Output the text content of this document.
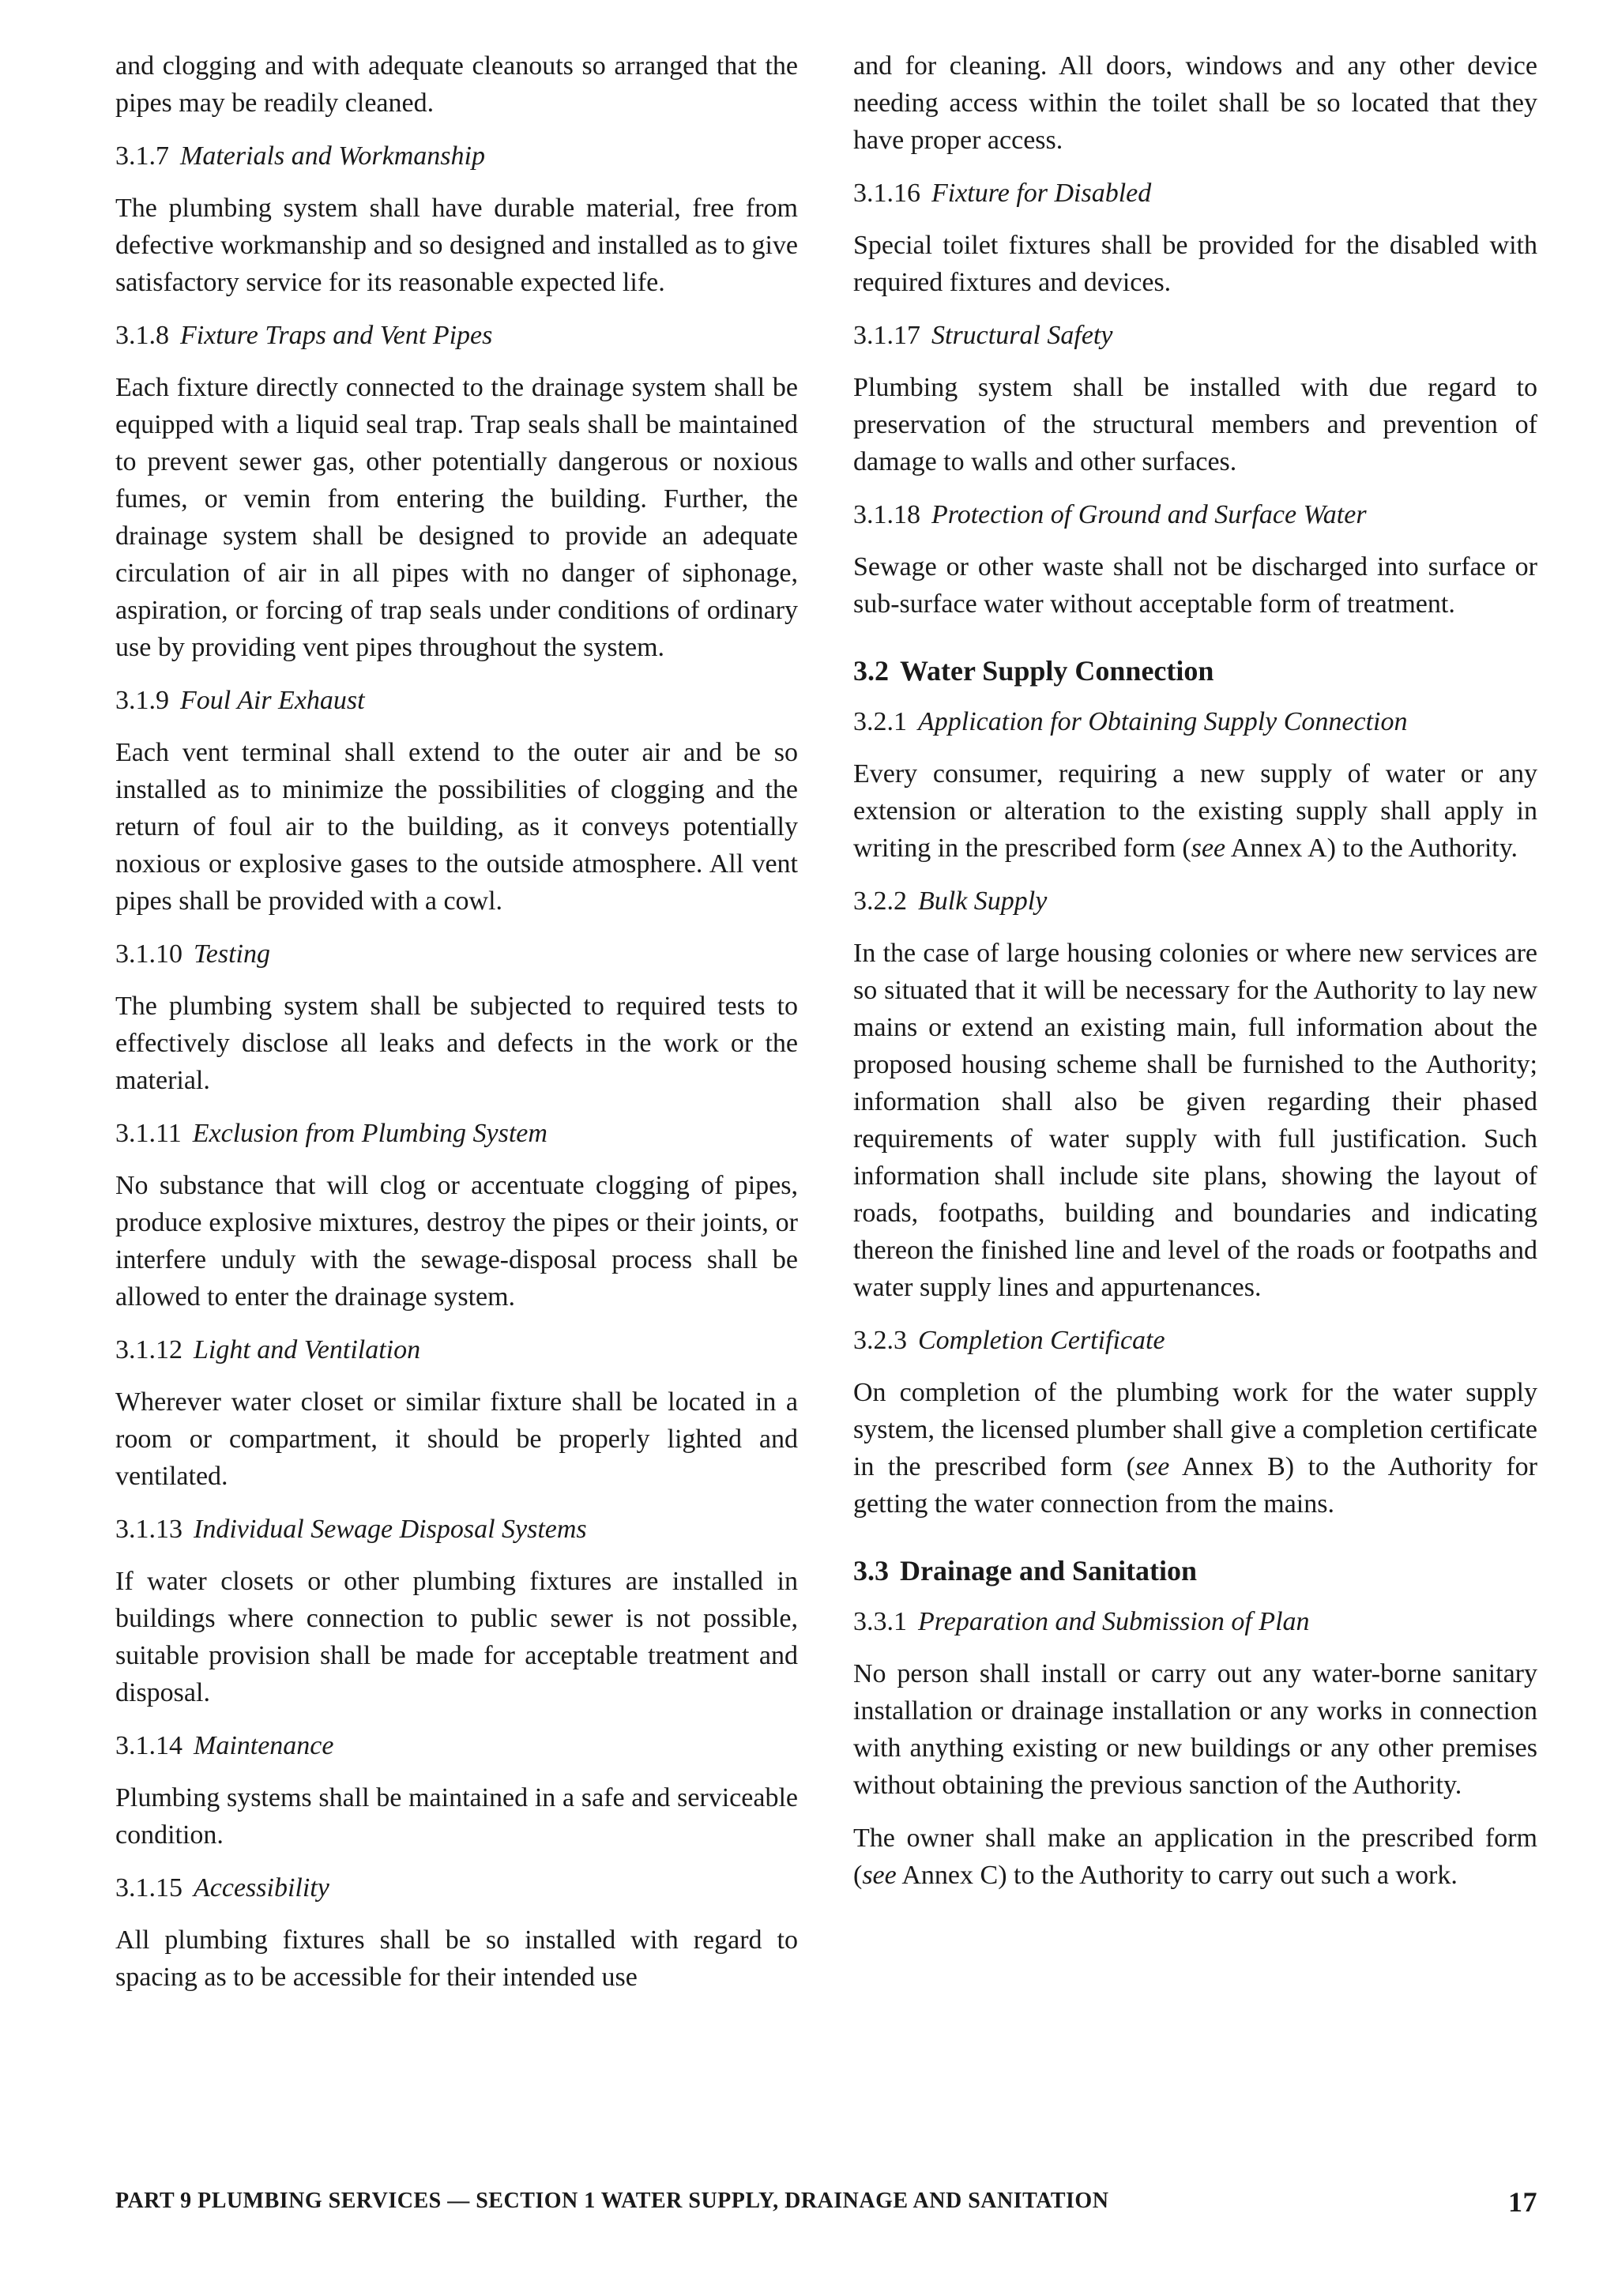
and clogging and with adequate cleanouts so arranged that the pipes may be readily cleaned.

3.1.7 Materials and Workmanship

The plumbing system shall have durable material, free from defective workmanship and so designed and installed as to give satisfactory service for its reasonable expected life.

3.1.8 Fixture Traps and Vent Pipes

Each fixture directly connected to the drainage system shall be equipped with a liquid seal trap. Trap seals shall be maintained to prevent sewer gas, other potentially dangerous or noxious fumes, or vemin from entering the building. Further, the drainage system shall be designed to provide an adequate circulation of air in all pipes with no danger of siphonage, aspiration, or forcing of trap seals under conditions of ordinary use by providing vent pipes throughout the system.

3.1.9 Foul Air Exhaust

Each vent terminal shall extend to the outer air and be so installed as to minimize the possibilities of clogging and the return of foul air to the building, as it conveys potentially noxious or explosive gases to the outside atmosphere. All vent pipes shall be provided with a cowl.

3.1.10 Testing

The plumbing system shall be subjected to required tests to effectively disclose all leaks and defects in the work or the material.

3.1.11 Exclusion from Plumbing System

No substance that will clog or accentuate clogging of pipes, produce explosive mixtures, destroy the pipes or their joints, or interfere unduly with the sewage-disposal process shall be allowed to enter the drainage system.

3.1.12 Light and Ventilation

Wherever water closet or similar fixture shall be located in a room or compartment, it should be properly lighted and ventilated.

3.1.13 Individual Sewage Disposal Systems

If water closets or other plumbing fixtures are installed in buildings where connection to public sewer is not possible, suitable provision shall be made for acceptable treatment and disposal.

3.1.14 Maintenance

Plumbing systems shall be maintained in a safe and serviceable condition.

3.1.15 Accessibility

All plumbing fixtures shall be so installed with regard to spacing as to be accessible for their intended use

and for cleaning. All doors, windows and any other device needing access within the toilet shall be so located that they have proper access.

3.1.16 Fixture for Disabled

Special toilet fixtures shall be provided for the disabled with required fixtures and devices.

3.1.17 Structural Safety

Plumbing system shall be installed with due regard to preservation of the structural members and prevention of damage to walls and other surfaces.

3.1.18 Protection of Ground and Surface Water

Sewage or other waste shall not be discharged into surface or sub-surface water without acceptable form of treatment.

3.2 Water Supply Connection
3.2.1 Application for Obtaining Supply Connection

Every consumer, requiring a new supply of water or any extension or alteration to the existing supply shall apply in writing in the prescribed form (see Annex A) to the Authority.

3.2.2 Bulk Supply

In the case of large housing colonies or where new services are so situated that it will be necessary for the Authority to lay new mains or extend an existing main, full information about the proposed housing scheme shall be furnished to the Authority; information shall also be given regarding their phased requirements of water supply with full justification. Such information shall include site plans, showing the layout of roads, footpaths, building and boundaries and indicating thereon the finished line and level of the roads or footpaths and water supply lines and appurtenances.

3.2.3 Completion Certificate

On completion of the plumbing work for the water supply system, the licensed plumber shall give a completion certificate in the prescribed form (see Annex B) to the Authority for getting the water connection from the mains.

3.3 Drainage and Sanitation
3.3.1 Preparation and Submission of Plan

No person shall install or carry out any water-borne sanitary installation or drainage installation or any works in connection with anything existing or new buildings or any other premises without obtaining the previous sanction of the Authority.

The owner shall make an application in the prescribed form (see Annex C) to the Authority to carry out such a work.

PART 9 PLUMBING SERVICES — SECTION 1 WATER SUPPLY, DRAINAGE AND SANITATION	17
